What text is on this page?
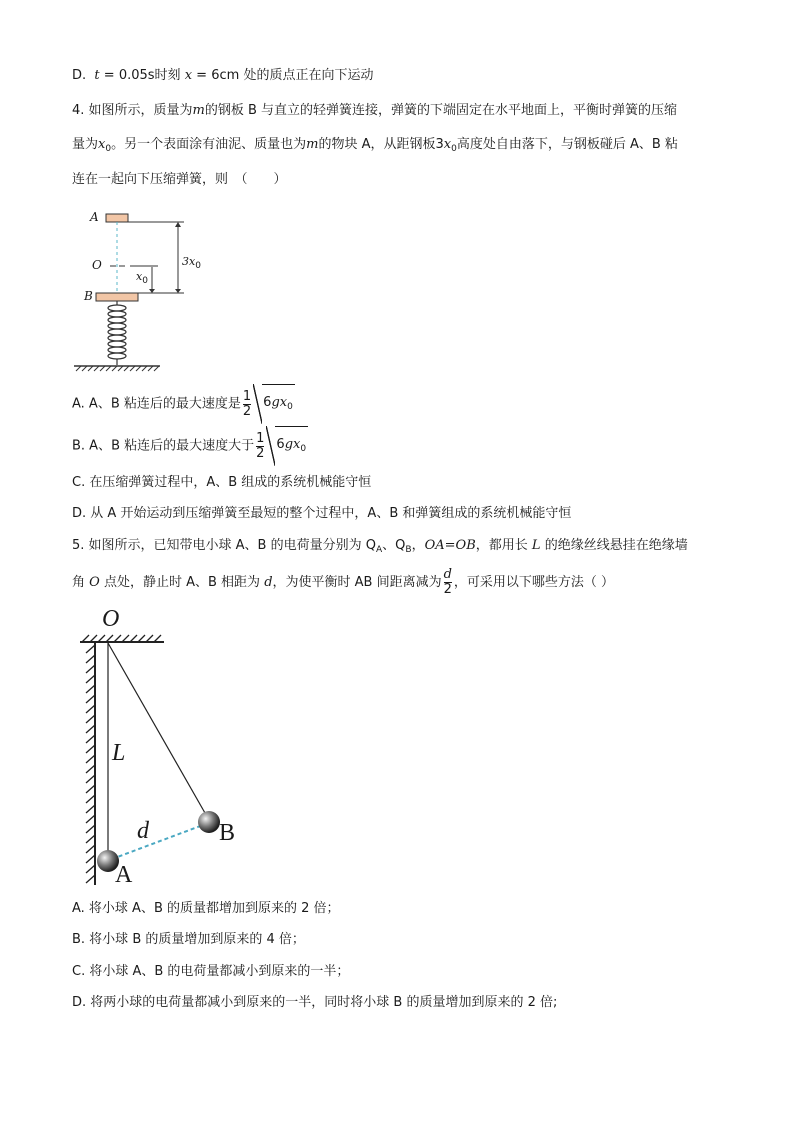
D. t = 0.05s时刻 x = 6cm 处的质点正在向下运动
4. 如图所示，质量为m的钢板 B 与直立的轻弹簧连接，弹簧的下端固定在水平地面上，平衡时弹簧的压缩
量为$x_0$。另一个表面涂有油泥、质量也为m的物块 A，从距钢板$3x_0$高度处自由落下，与钢板碰后 A、B 粘
连在一起向下压缩弹簧，则　（　　）
A
O
B
$x_0$
$3x_0$
A. A、B 粘连后的最大速度是 $\frac{1}{2} 6gx_0$
B. A、B 粘连后的最大速度大于 $\frac{1}{2} 6gx_0$
C. 在压缩弹簧过程中，A、B 组成的系统机械能守恒
D. 从 A 开始运动到压缩弹簧至最短的整个过程中，A、B 和弹簧组成的系统机械能守恒
5. 如图所示，已知带电小球 A、B 的电荷量分别为 $Q_A$、$Q_B$，OA=OB，都用长 L 的绝缘丝线悬挂在绝缘墙
角 O 点处，静止时 A、B 相距为 d，为使平衡时 AB 间距离减为 $\frac{d}{2}$ ，可采用以下哪些方法（ ）
O
L
d
A
B
A. 将小球 A、B 的质量都增加到原来的 2 倍；
B. 将小球 B 的质量增加到原来的 4 倍；
C. 将小球 A、B 的电荷量都减小到原来的一半；
D. 将两小球的电荷量都减小到原来的一半，同时将小球 B 的质量增加到原来的 2 倍;
